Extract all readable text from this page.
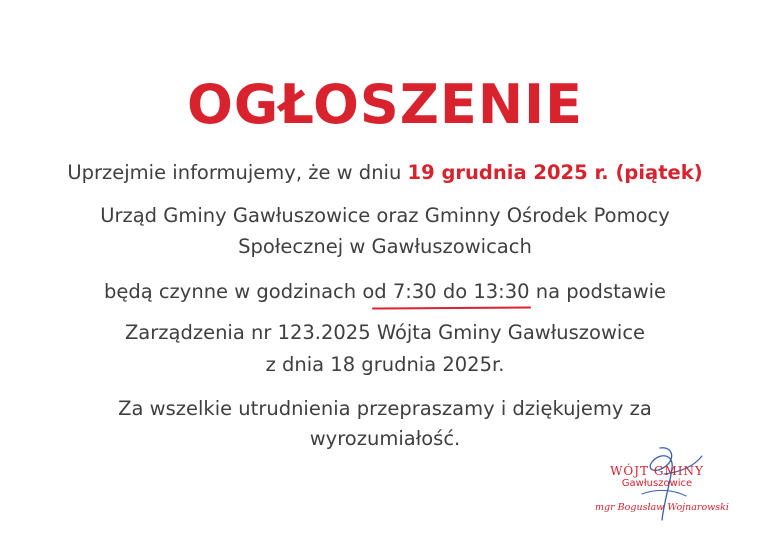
OGŁOSZENIE
Uprzejmie informujemy, że w dniu 19 grudnia 2025 r. (piątek)
Urząd Gminy Gawłuszowice oraz Gminny Ośrodek Pomocy
Społecznej w Gawłuszowicach
będą czynne w godzinach od 7:30 do 13:30
na podstawie
Zarządzenia nr 123.2025 Wójta Gminy Gawłuszowice
z dnia 18 grudnia 2025r.
Za wszelkie utrudnienia przepraszamy i dziękujemy za
wyrozumiałość.
WÓJT GMINY
Gawłuszowice
mgr Bogusław Wojnarowski
